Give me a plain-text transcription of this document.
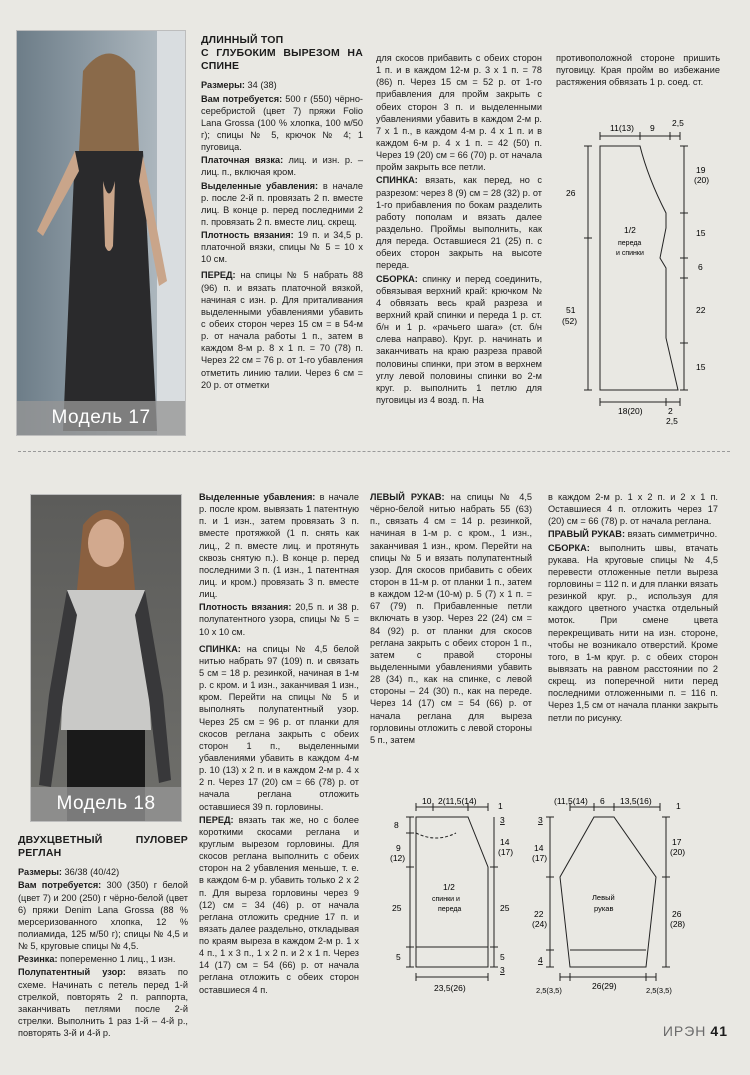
Модель 17
ДЛИННЫЙ ТОП
С ГЛУБОКИМ ВЫРЕЗОМ НА СПИНЕ

Размеры: 34 (38)

Вам потребуется: 500 г (550) чёрно-серебристой (цвет 7) пряжи Folio Lana Grossa (100 % хлопка, 100 м/50 г); спицы № 5, крючок № 4; 1 пуговица.

Платочная вязка: лиц. и изн. р. – лиц. п., включая кром.

Выделенные убавления: в начале р. после 2-й п. провязать 2 п. вместе лиц. В конце р. перед последними 2 п. провязать 2 п. вместе лиц. скрещ.

Плотность вязания: 19 п. и 34,5 р. платочной вязки, спицы № 5 = 10 х 10 см.

ПЕРЕД: на спицы № 5 набрать 88 (96) п. и вязать платочной вязкой, начиная с изн. р. Для приталивания выделенными убавлениями убавить с обеих сторон через 15 см = в 54-м р. от начала работы 1 п., затем в каждом 8-м р. 8 х 1 п. = 70 (78) п. Через 22 см = 76 р. от 1-го убавления отметить линию талии. Через 6 см = 20 р. от отметки

для скосов прибавить с обеих сторон 1 п. и в каждом 12-м р. 3 х 1 п. = 78 (86) п. Через 15 см = 52 р. от 1-го прибавления для пройм закрыть с обеих сторон 3 п. и выделенными убавлениями убавить в каждом 2-м р. 7 х 1 п., в каждом 4-м р. 4 х 1 п. и в каждом 6-м р. 4 х 1 п. = 42 (50) п. Через 19 (20) см = 66 (70) р. от начала пройм закрыть все петли.

СПИНКА: вязать, как перед, но с разрезом: через 8 (9) см = 28 (32) р. от 1-го прибавления по бокам разделить работу пополам и вязать далее раздельно. Проймы выполнить, как для переда. Оставшиеся 21 (25) п. с обеих сторон закрыть на высоте переда.

СБОРКА: спинку и перед соединить, обвязывая верхний край: крючком № 4 обвязать весь край разреза и верхний край спинки и переда 1 р. ст. б/н и 1 р. «рачьего шага» (ст. б/н слева направо). Круг. р. начинать и заканчивать на краю разреза правой половины спинки, при этом в верхнем углу левой половины спинки во 2-м круг. р. выполнить 1 петлю для пуговицы из 4 возд. п. На

противоположной стороне пришить пуговицу. Края пройм во избежание растяжения обвязать 1 р. соед. ст.

11(13) 9 2,5
19
(20)
15
6
22
15
26
51
(52)
18(20)	2
2,5
1/2
переда
и спинки
Модель 18
ДВУХЦВЕТНЫЙ ПУЛОВЕР РЕГЛАН

Размеры: 36/38 (40/42)

Вам потребуется: 300 (350) г белой (цвет 7) и 200 (250) г чёрно-белой (цвет 6) пряжи Denim Lana Grossa (88 % мерсеризованного хлопка, 12 % полиамида, 125 м/50 г); спицы № 4,5 и № 5, круговые спицы № 4,5.

Резинка: попеременно 1 лиц., 1 изн.

Полупатентный узор: вязать по схеме. Начинать с петель перед 1-й стрелкой, повторять 2 п. раппорта, заканчивать петлями после 2-й стрелки. Выполнить 1 раз 1-й – 4-й р., повторять 3-й и 4-й р.

Выделенные убавления: в начале р. после кром. вывязать 1 патентную п. и 1 изн., затем провязать 3 п. вместе протяжкой (1 п. снять как лиц., 2 п. вместе лиц. и протянуть сквозь снятую п.). В конце р. перед последними 3 п. (1 изн., 1 патентная лиц. и кром.) провязать 3 п. вместе лиц.

Плотность вязания: 20,5 п. и 38 р. полупатентного узора, спицы № 5 = 10 х 10 см.

СПИНКА: на спицы № 4,5 белой нитью набрать 97 (109) п. и связать 5 см = 18 р. резинкой, начиная в 1-м р. с кром. и 1 изн., заканчивая 1 изн., кром. Перейти на спицы № 5 и выполнять полупатентный узор. Через 25 см = 96 р. от планки для скосов реглана закрыть с обеих сторон 1 п., выделенными убавлениями убавить в каждом 4-м р. 10 (13) х 2 п. и в каждом 2-м р. 4 х 2 п. Через 17 (20) см = 66 (78) р. от начала реглана отложить оставшиеся 39 п. горловины.

ПЕРЕД: вязать так же, но с более короткими скосами реглана и круглым вырезом горловины. Для скосов реглана выполнить с обеих сторон на 2 убавления меньше, т. е. в каждом 6-м р. убавить только 2 х 2 п. Для выреза горловины через 9 (12) см = 34 (46) р. от начала реглана отложить средние 17 п. и вязать далее раздельно, откладывая по краям выреза в каждом 2-м р. 1 х 4 п., 1 х 3 п., 1 х 2 п. и 2 х 1 п. Через 14 (17) см = 54 (66) р. от начала реглана отложить с обеих сторон оставшиеся 4 п.

ЛЕВЫЙ РУКАВ: на спицы № 4,5 чёрно-белой нитью набрать 55 (63) п., связать 4 см = 14 р. резинкой, начиная в 1-м р. с кром., 1 изн., заканчивая 1 изн., кром. Перейти на спицы № 5 и вязать полупатентный узор. Для скосов прибавить с обеих сторон в 11-м р. от планки 1 п., затем в каждом 12-м (10-м) р. 5 (7) х 1 п. = 67 (79) п. Прибавленные петли включать в узор. Через 22 (24) см = 84 (92) р. от планки для скосов реглана закрыть с обеих сторон 1 п., затем с правой стороны выделенными убавлениями убавить 28 (34) п., как на спинке, с левой стороны – 24 (30) п., как на переде. Через 14 (17) см = 54 (66) р. от начала реглана для выреза горловины отложить с левой стороны 5 п., затем

в каждом 2-м р. 1 х 2 п. и 2 х 1 п. Оставшиеся 4 п. отложить через 17 (20) см = 66 (78) р. от начала реглана.

ПРАВЫЙ РУКАВ: вязать симметрично.

СБОРКА: выполнить швы, втачать рукава. На круговые спицы № 4,5 перевести отложенные петли выреза горловины = 112 п. и для планки вязать резинкой круг. р., используя для каждого цветного участка отдельный моток. При смене цвета перекрещивать нити на изн. стороне, чтобы не возникало отверстий. Кроме того, в 1-м круг. р. с обеих сторон вывязать на равном расстоянии по 2 скрещ. из поперечной нити перед последними отложенными п. = 116 п. Через 1,5 см от начала планки закрыть петли по рисунку.

10 2(11,5(14)	1
3
8
9
(12)
25
5
14
(17)
25
5
3
23,5(26)
1/2
спинки и
переда
(11,5(14) 6 13,5(16)	1
3
14
(17)
22
(24)
4
17
(20)
26
(28)
2,5(3,5)	26(29)	2,5(3,5)
Левый
рукав
ИРЭН 41
